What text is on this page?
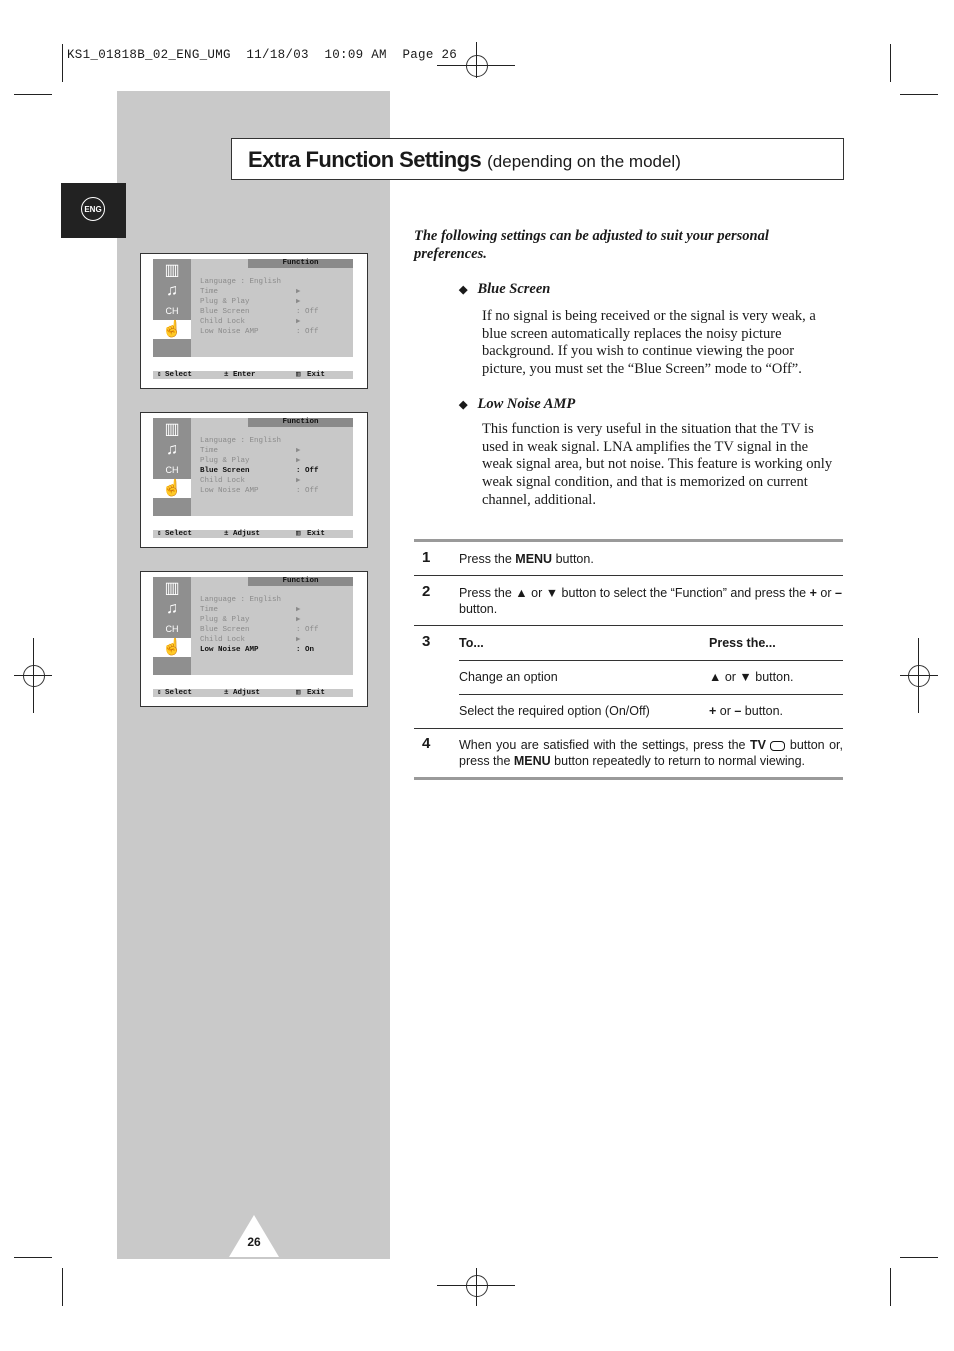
KS1_01818B_02_ENG_UMG  11/18/03  10:09 AM  Page 26
ENG
Extra Function Settings (depending on the model)
▥
♫
CH
☝
Function
Language : English
Time	▶
Plug & Play	▶
Blue Screen	: Off
Child Lock	▶
Low Noise AMP	: Off
⇕ Select	± Enter	▥ Exit
▥
♫
CH
☝
Function
Language : English
Time	▶
Plug & Play	▶
Blue Screen	: Off
Child Lock	▶
Low Noise AMP	: Off
⇕ Select	± Adjust	▥ Exit
▥
♫
CH
☝
Function
Language : English
Time	▶
Plug & Play	▶
Blue Screen	: Off
Child Lock	▶
Low Noise AMP	: On
⇕ Select	± Adjust	▥ Exit
The following settings can be adjusted to suit your personal preferences.
◆ Blue Screen
If no signal is being received or the signal is very weak, a blue screen automatically replaces the noisy picture background. If you wish to continue viewing the poor picture, you must set the “Blue Screen” mode to “Off”.
◆ Low Noise AMP
This function is very useful in the situation that the TV is used in weak signal. LNA amplifies the TV signal in the weak signal area, but not noise. This feature is working only weak signal condition, and that is memorized on current channel, additional.
1 Press the MENU button.
2 Press the ▲ or ▼ button to select the “Function” and press the + or – button.
3 To...	Press the...
Change an option	▲ or ▼ button.
Select the required option (On/Off)	+ or – button.
4 When you are satisfied with the settings, press the TV  button or, press the MENU button repeatedly to return to normal viewing.
26
